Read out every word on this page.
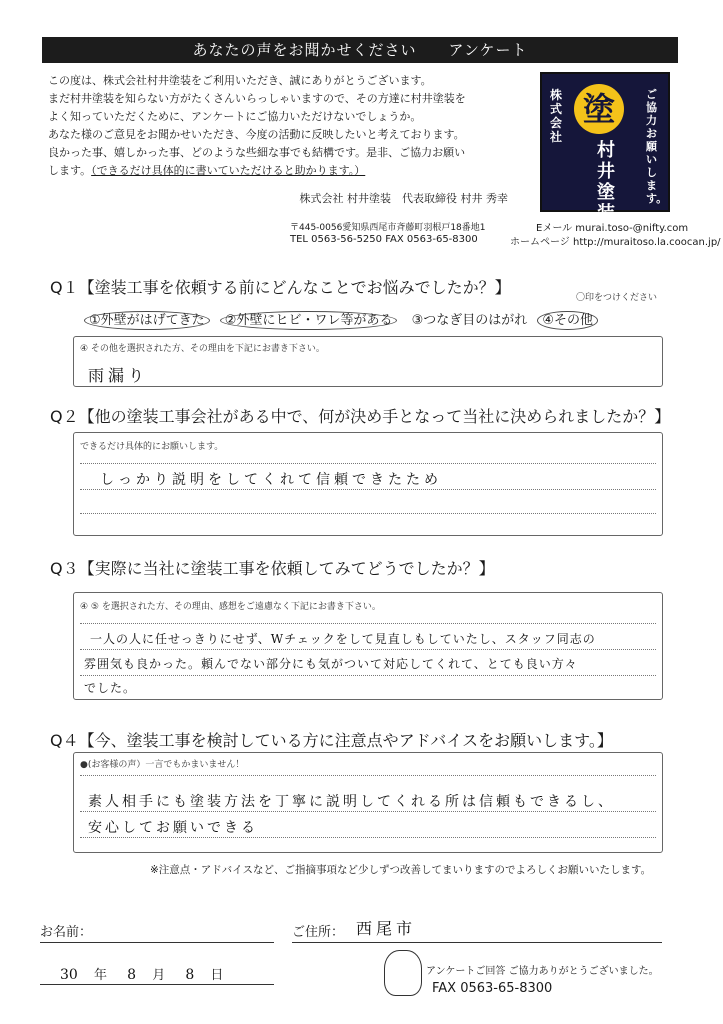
あなたの声をお聞かせください　　アンケート
この度は、株式会社村井塗装をご利用いただき、誠にありがとうございます。
まだ村井塗装を知らない方がたくさんいらっしゃいますので、その方達に村井塗装を
よく知っていただくために、アンケートにご協力いただけないでしょうか。
あなた様のご意見をお聞かせいただき、今度の活動に反映したいと考えております。
良かった事、嬉しかった事、どのような些細な事でも結構です。是非、ご協力お願い
します。（できるだけ具体的に書いていただけると助かります。）
株式会社 村井塗装　代表取締役 村井 秀幸
〒445-0056愛知県西尾市斉藤町羽根戸18番地1
TEL 0563-56-5250 FAX 0563-65-8300
塗
株式会社
村井塗装
ご協力お願いします。
Eメール murai.toso-@nifty.com
ホームページ http://muraitoso.la.coocan.jp/
Q１【塗装工事を依頼する前にどんなことでお悩みでしたか？】
〇印をつけください
①外壁がはげてきた ②外壁にヒビ・ワレ等がある ③つなぎ目のはがれ ④その他
④ その他を選択された方、その理由を下記にお書き下さい。
雨漏り
Q２【他の塗装工事会社がある中で、何が決め手となって当社に決められましたか？】
できるだけ具体的にお願いします。
しっかり説明をしてくれて信頼できたため
Q３【実際に当社に塗装工事を依頼してみてどうでしたか？】
④ ⑤ を選択された方、その理由、感想をご遠慮なく下記にお書き下さい。
一人の人に任せっきりにせず、Wチェックをして見直しもしていたし、スタッフ同志の
雰囲気も良かった。頼んでない部分にも気がついて対応してくれて、とても良い方々
でした。
Q４【今、塗装工事を検討している方に注意点やアドバイスをお願いします。】
●(お客様の声）一言でもかまいません！
素人相手にも塗装方法を丁寧に説明してくれる所は信頼もできるし、
安心してお願いできる
※注意点・アドバイスなど、ご指摘事項など少しずつ改善してまいりますのでよろしくお願いいたします。
お名前：	ご住所： 西尾市
30 年 8 月 8 日	アンケートご回答 ご協力ありがとうございました。
FAX 0563-65-8300
